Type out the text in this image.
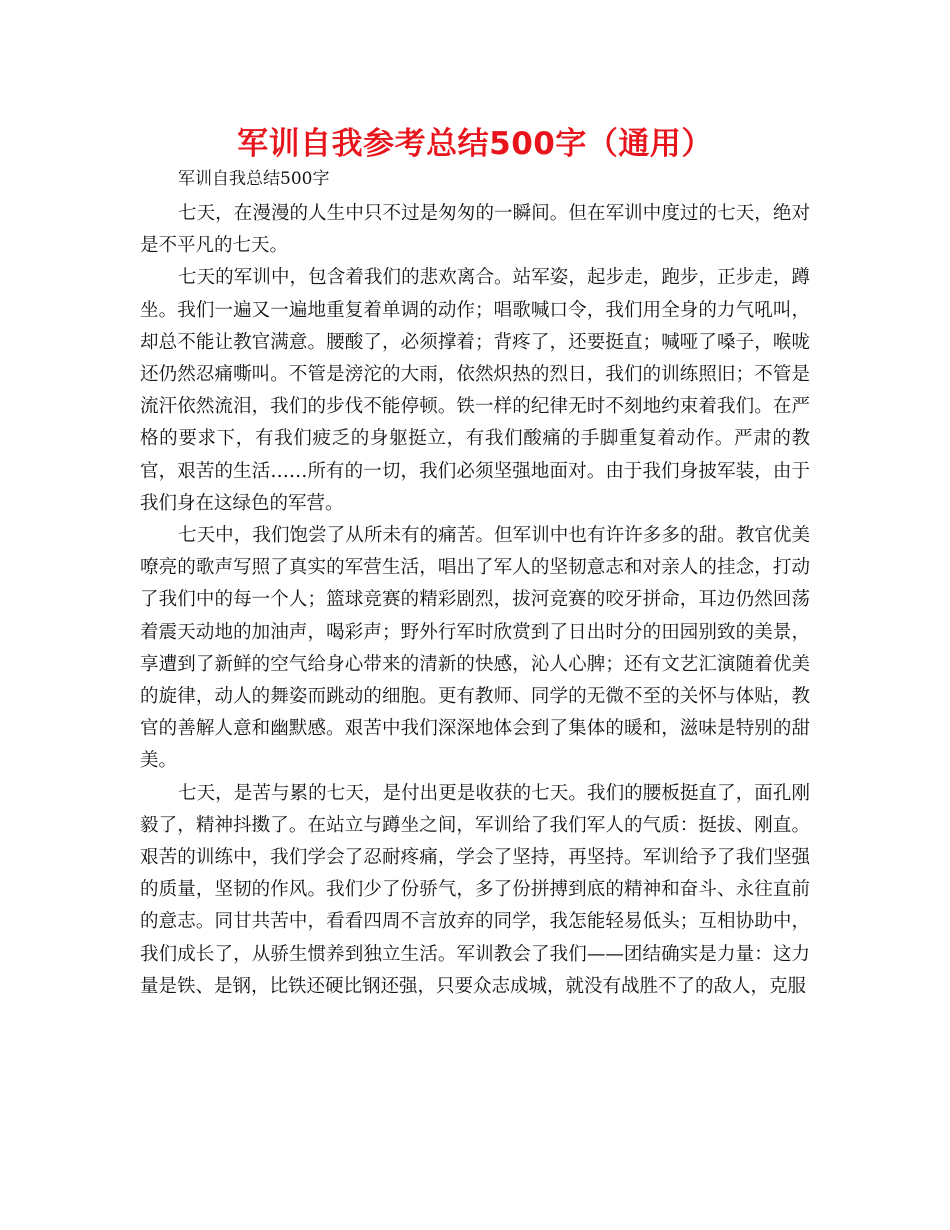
军训自我参考总结500字（通用）
军训自我总结500字

七天，在漫漫的人生中只不过是匆匆的一瞬间。但在军训中度过的七天，绝对是不平凡的七天。

七天的军训中，包含着我们的悲欢离合。站军姿，起步走，跑步，正步走，蹲坐。我们一遍又一遍地重复着单调的动作；唱歌喊口令，我们用全身的力气吼叫，却总不能让教官满意。腰酸了，必须撑着；背疼了，还要挺直；喊哑了嗓子，喉咙还仍然忍痛嘶叫。不管是滂沱的大雨，依然炽热的烈日，我们的训练照旧；不管是流汗依然流泪，我们的步伐不能停顿。铁一样的纪律无时不刻地约束着我们。在严格的要求下，有我们疲乏的身躯挺立，有我们酸痛的手脚重复着动作。严肃的教官，艰苦的生活……所有的一切，我们必须坚强地面对。由于我们身披军装，由于我们身在这绿色的军营。

七天中，我们饱尝了从所未有的痛苦。但军训中也有许许多多的甜。教官优美嘹亮的歌声写照了真实的军营生活，唱出了军人的坚韧意志和对亲人的挂念，打动了我们中的每一个人；篮球竞赛的精彩剧烈，拔河竞赛的咬牙拼命，耳边仍然回荡着震天动地的加油声，喝彩声；野外行军时欣赏到了日出时分的田园别致的美景，享遭到了新鲜的空气给身心带来的清新的快感，沁人心脾；还有文艺汇演随着优美的旋律，动人的舞姿而跳动的细胞。更有教师、同学的无微不至的关怀与体贴，教官的善解人意和幽默感。艰苦中我们深深地体会到了集体的暖和，滋味是特别的甜美。

七天，是苦与累的七天，是付出更是收获的七天。我们的腰板挺直了，面孔刚毅了，精神抖擞了。在站立与蹲坐之间，军训给了我们军人的气质：挺拔、刚直。艰苦的训练中，我们学会了忍耐疼痛，学会了坚持，再坚持。军训给予了我们坚强的质量，坚韧的作风。我们少了份骄气，多了份拼搏到底的精神和奋斗、永往直前的意志。同甘共苦中，看看四周不言放弃的同学，我怎能轻易低头；互相协助中，我们成长了，从骄生惯养到独立生活。军训教会了我们——团结确实是力量：这力量是铁、是钢，比铁还硬比钢还强，只要众志成城，就没有战胜不了的敌人，克服
